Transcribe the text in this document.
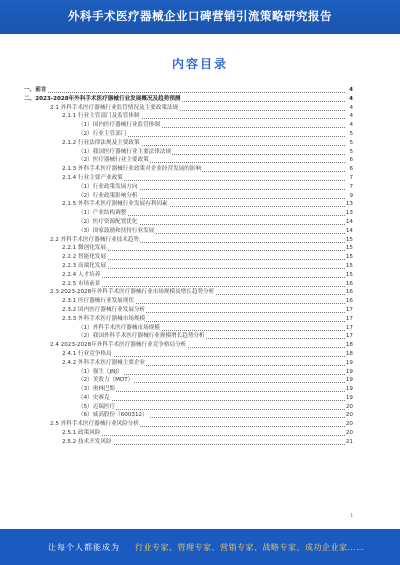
外科手术医疗器械企业口碑营销引流策略研究报告
内容目录
一、前言	4
二、2023-2028年外科手术医疗器械行业发展概况及趋势预测	4
2.1 外科手术医疗器械行业监管情况及主要政策法规	4
2.1.1 行业主管部门及监管体制	4
（1）国内医疗器械行业监管体制	4
（2）行业主管部门	5
2.1.2 行业法律法规及主要政策	5
（1）我国医疗器械行业主要法律法规	5
（2）医疗器械行业主要政策	6
2.1.3 外科手术医疗器械行业政策对企业经营发展的影响	6
2.1.4 行业主要产业政策	7
（1）行业政策发展方向	7
（2）行业政策影响分析	9
2.1.5 外科手术医疗器械行业发展有利因素	13
（1）产业结构调整	13
（2）医疗资源配置优化	14
（3）国家鼓励和扶持行业发展	14
2.2 外科手术医疗器械行业技术趋势	15
2.2.1 微创化发展	15
2.2.2 智能化发展	15
2.2.3 高端化发展	15
2.2.4 人才培养	15
2.2.5 市场前景	16
2.3 2023-2028年外科手术医疗器械行业市场规模及增长趋势分析	16
2.3.1 医疗器械行业发展现状	16
2.3.2 国内医疗器械行业发展分析	17
2.3.3 外科手术医疗器械市场规模	17
（1）外科手术医疗器械市场规模	17
（2）我国外科手术医疗器械行业规模增长趋势分析	17
2.4 2023-2028年外科手术医疗器械行业竞争格局分析	18
2.4.1 行业竞争格局	18
2.4.2 外科手术医疗器械主要企业	19
（1）强生（JNJ）	19
（2）美敦力（MDT）	19
（3）奥林巴斯	19
（4）史赛克	19
（5）迈瑞医疗	20
（6）威高股份（600312）	20
2.5 外科手术医疗器械行业风险分析	20
2.5.1 政策风险	20
2.5.2 技术开发风险	21
1
让每个人都能成为 行业专家、管理专家、营销专家、战略专家、成功企业家……
